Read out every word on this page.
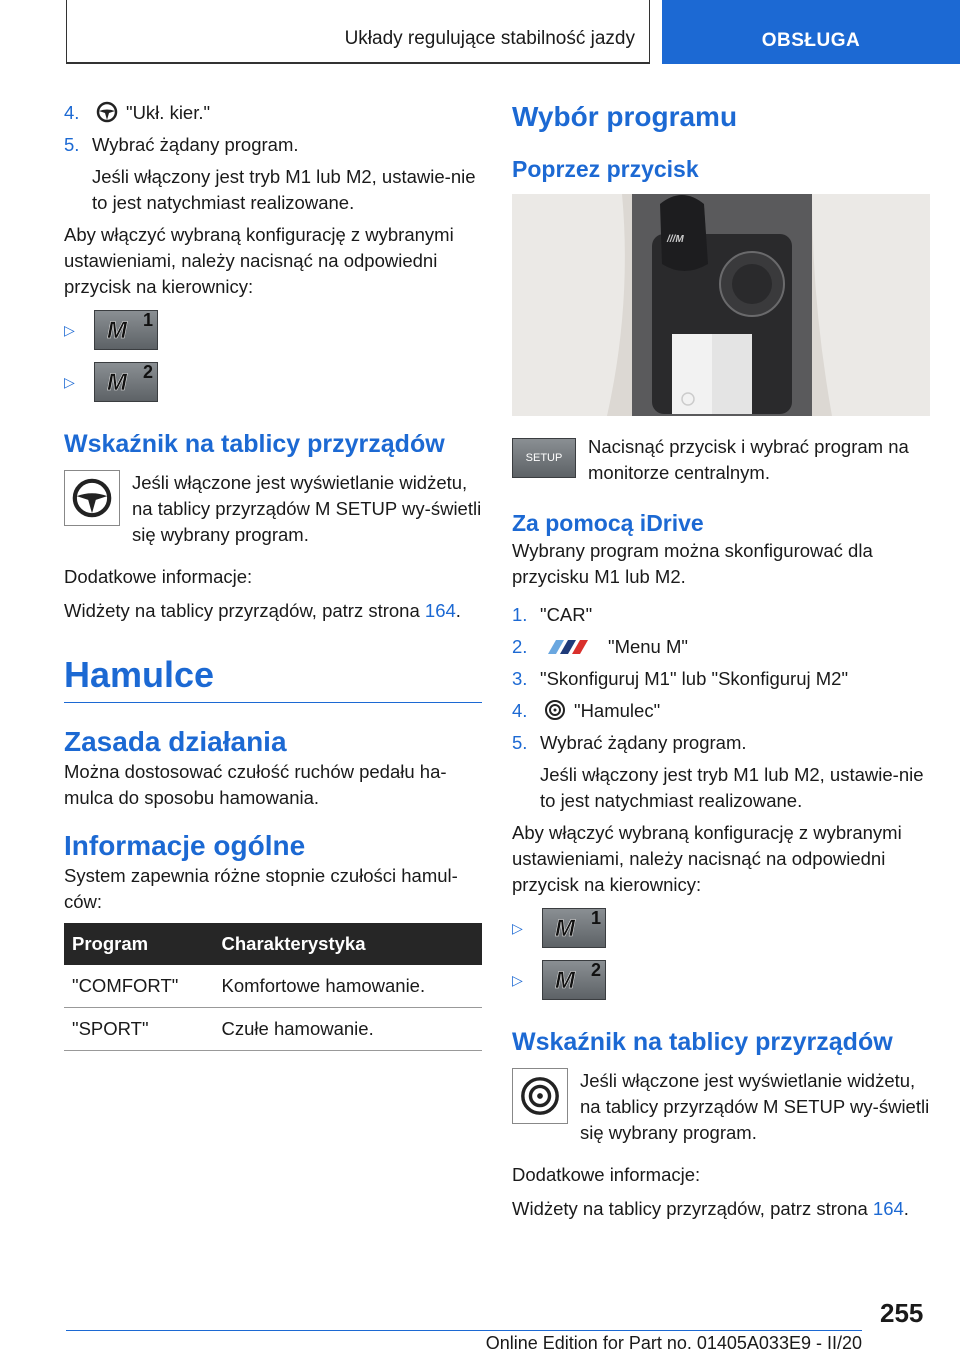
Układy regulujące stabilność jazdy	OBSŁUGA
4.	"Ukł. kier."
5. Wybrać żądany program.
Jeśli włączony jest tryb M1 lub M2, ustawie-nie to jest natychmiast realizowane.

Aby włączyć wybraną konfigurację z wybranymi ustawieniami, należy nacisnąć na odpowiedni przycisk na kierownicy:

▷	M 1
▷	M 2
Wskaźnik na tablicy przyrządów
Jeśli włączone jest wyświetlanie widżetu, na tablicy przyrządów M SETUP wy-świetli się wybrany program.

Dodatkowe informacje:

Widżety na tablicy przyrządów, patrz strona 164.

Hamulce
Zasada działania

Można dostosować czułość ruchów pedału ha-mulca do sposobu hamowania.

Informacje ogólne

System zapewnia różne stopnie czułości hamul-ców:

Program	Charakterystyka
"COMFORT"	Komfortowe hamowanie.
"SPORT"	Czułe hamowanie.
Wybór programu
Poprzez przycisk
///M
SETUP
Nacisnąć przycisk i wybrać program na monitorze centralnym.
Za pomocą iDrive

Wybrany program można skonfigurować dla przycisku M1 lub M2.

1. "CAR"
2.	"Menu M"
3. "Skonfiguruj M1" lub "Skonfiguruj M2"
4.	"Hamulec"
5. Wybrać żądany program.
Jeśli włączony jest tryb M1 lub M2, ustawie-nie to jest natychmiast realizowane.

Aby włączyć wybraną konfigurację z wybranymi ustawieniami, należy nacisnąć na odpowiedni przycisk na kierownicy:

▷	M 1
▷	M 2
Wskaźnik na tablicy przyrządów
Jeśli włączone jest wyświetlanie widżetu, na tablicy przyrządów M SETUP wy-świetli się wybrany program.

Dodatkowe informacje:

Widżety na tablicy przyrządów, patrz strona 164.

255
Online Edition for Part no. 01405A033E9 - II/20
